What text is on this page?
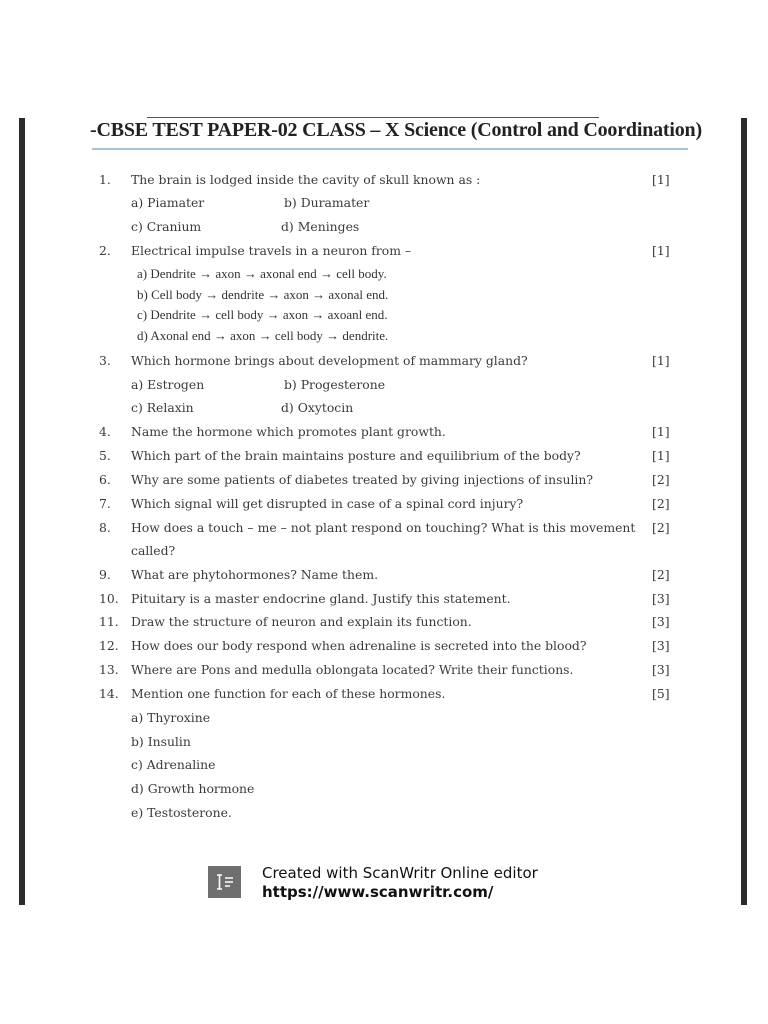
-CBSE TEST PAPER-02 CLASS – X Science (Control and Coordination)
1. The brain is lodged inside the cavity of skull known as :	[1]
a) Piamater	b) Duramater
c) Cranium	d) Meninges
2. Electrical impulse travels in a neuron from –	[1]
a) Dendrite → axon → axonal end → cell body.
b) Cell body → dendrite → axon → axonal end.
c) Dendrite → cell body → axon → axoanl end.
d) Axonal end → axon → cell body → dendrite.
3. Which hormone brings about development of mammary gland?	[1]
a) Estrogen	b) Progesterone
c) Relaxin	d) Oxytocin
4. Name the hormone which promotes plant growth.	[1]
5. Which part of the brain maintains posture and equilibrium of the body?	[1]
6. Why are some patients of diabetes treated by giving injections of insulin?	[2]
7. Which signal will get disrupted in case of a spinal cord injury?	[2]
8. How does a touch – me – not plant respond on touching? What is this movement [2]
called?
9. What are phytohormones? Name them.	[2]
10. Pituitary is a master endocrine gland. Justify this statement.	[3]
11. Draw the structure of neuron and explain its function.	[3]
12. How does our body respond when adrenaline is secreted into the blood?	[3]
13. Where are Pons and medulla oblongata located? Write their functions.	[3]
14. Mention one function for each of these hormones.	[5]
a) Thyroxine
b) Insulin
c) Adrenaline
d) Growth hormone
e) Testosterone.
Created with ScanWritr Online editor
https://www.scanwritr.com/
